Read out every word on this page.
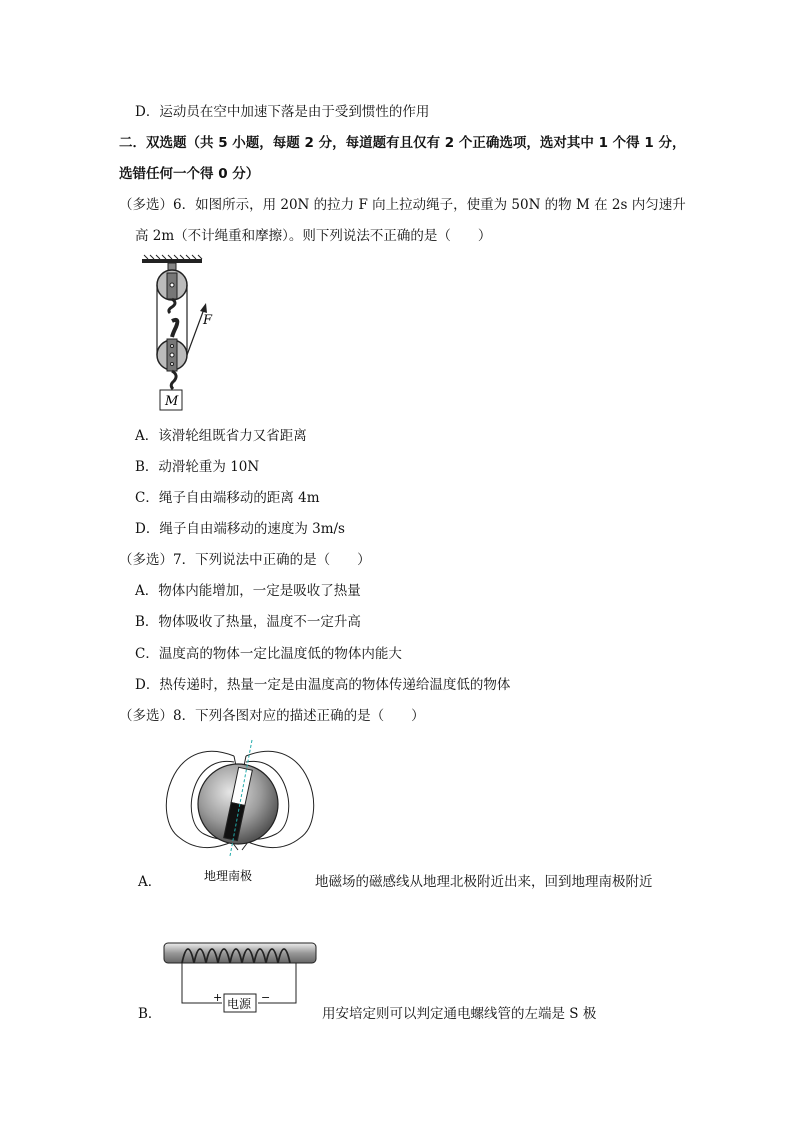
D．运动员在空中加速下落是由于受到惯性的作用
二．双选题（共 5 小题，每题 2 分，每道题有且仅有 2 个正确选项，选对其中 1 个得 1 分，
选错任何一个得 0 分）
（多选）6．如图所示，用 20N 的拉力 F 向上拉动绳子，使重为 50N 的物 M 在 2s 内匀速升
高 2m（不计绳重和摩擦）。则下列说法不正确的是（　　）
F
M
A．该滑轮组既省力又省距离
B．动滑轮重为 10N
C．绳子自由端移动的距离 4m
D．绳子自由端移动的速度为 3m/s
（多选）7．下列说法中正确的是（　　）
A．物体内能增加，一定是吸收了热量
B．物体吸收了热量，温度不一定升高
C．温度高的物体一定比温度低的物体内能大
D．热传递时，热量一定是由温度高的物体传递给温度低的物体
（多选）8．下列各图对应的描述正确的是（　　）
地理南极
A．	地磁场的磁感线从地理北极附近出来，回到地理南极附近
电源
+	−
B．	用安培定则可以判定通电螺线管的左端是 S 极
